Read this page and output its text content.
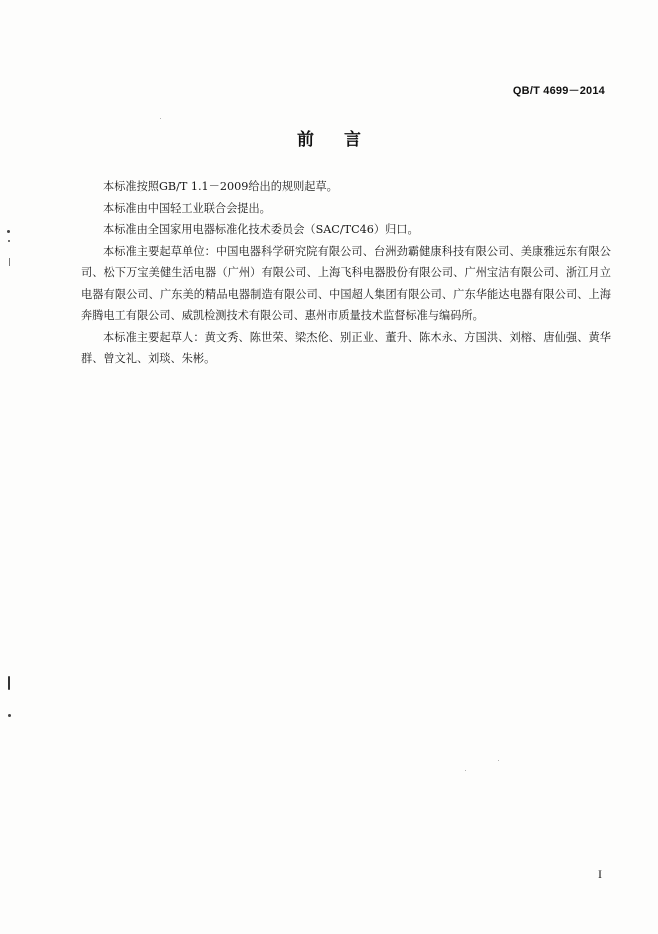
QB/T 4699－2014
前言

本标准按照GB/T 1.1－2009给出的规则起草。

本标准由中国轻工业联合会提出。

本标准由全国家用电器标准化技术委员会（SAC/TC46）归口。

本标准主要起草单位：中国电器科学研究院有限公司、台洲劲霸健康科技有限公司、美康雅远东有限公司、松下万宝美健生活电器（广州）有限公司、上海飞科电器股份有限公司、广州宝洁有限公司、浙江月立电器有限公司、广东美的精品电器制造有限公司、中国超人集团有限公司、广东华能达电器有限公司、上海奔腾电工有限公司、威凯检测技术有限公司、惠州市质量技术监督标准与编码所。

本标准主要起草人：黄文秀、陈世荣、梁杰伦、别正业、董升、陈木永、方国洪、刘榕、唐仙强、黄华群、曾文礼、刘琰、朱彬。

I
